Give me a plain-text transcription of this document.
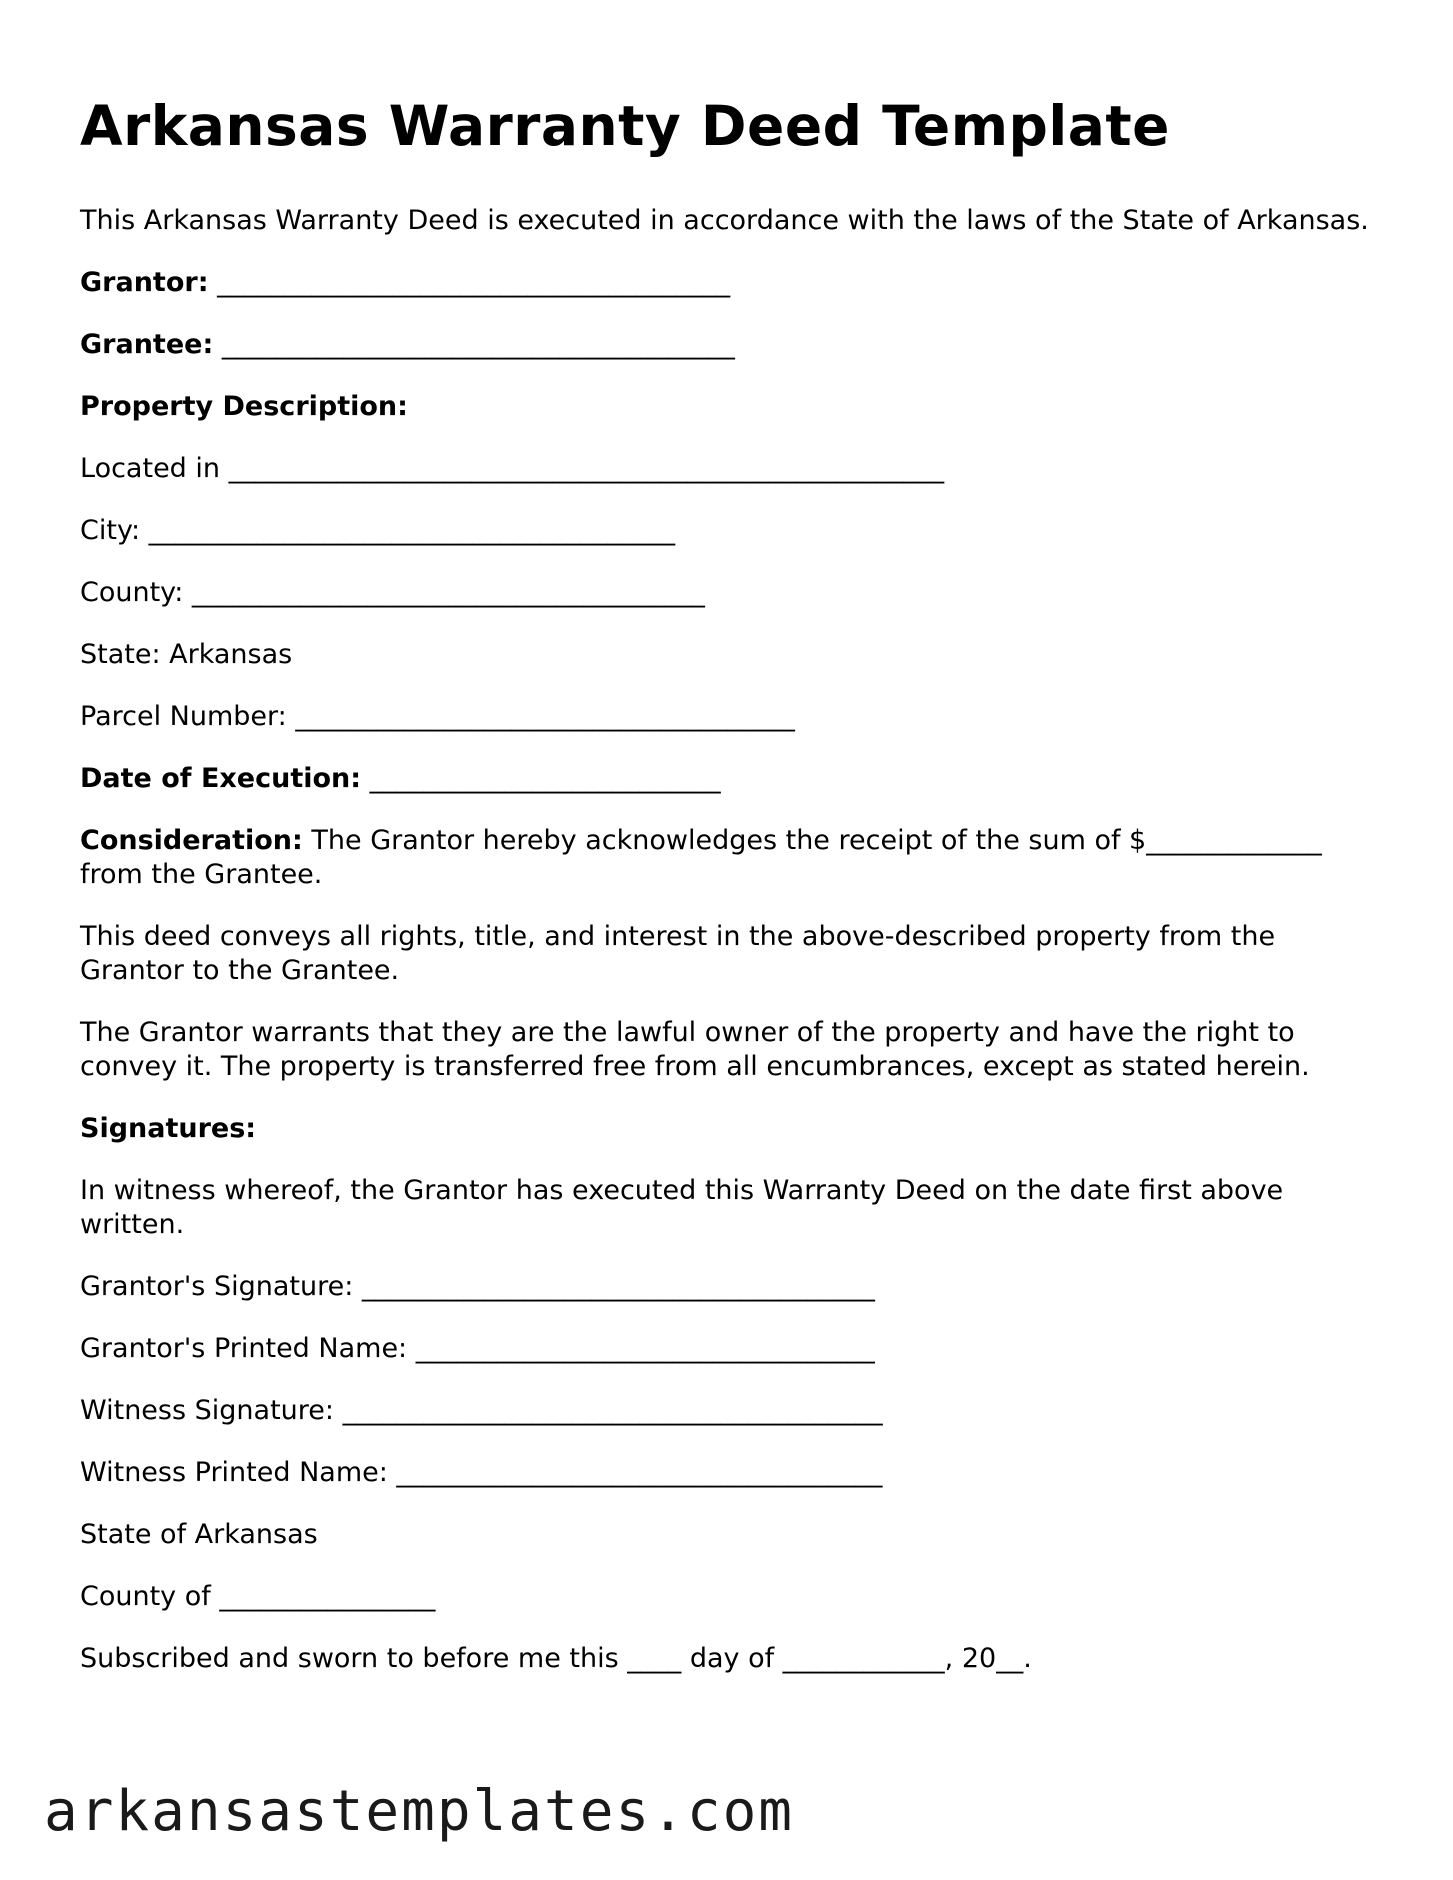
Arkansas Warranty Deed Template

This Arkansas Warranty Deed is executed in accordance with the laws of the State of Arkansas.

Grantor: ______________________________________

Grantee: ______________________________________

Property Description:

Located in _____________________________________________________

City: _______________________________________

County: ______________________________________

State: Arkansas

Parcel Number: _____________________________________

Date of Execution: __________________________

Consideration: The Grantor hereby acknowledges the receipt of the sum of $_____________ from the Grantee.

This deed conveys all rights, title, and interest in the above-described property from the Grantor to the Grantee.

The Grantor warrants that they are the lawful owner of the property and have the right to convey it. The property is transferred free from all encumbrances, except as stated herein.

Signatures:

In witness whereof, the Grantor has executed this Warranty Deed on the date first above written.

Grantor's Signature: ______________________________________

Grantor's Printed Name: __________________________________

Witness Signature: ________________________________________

Witness Printed Name: ____________________________________

State of Arkansas

County of ________________

Subscribed and sworn to before me this ____ day of ____________, 20__.

arkansastemplates.com
